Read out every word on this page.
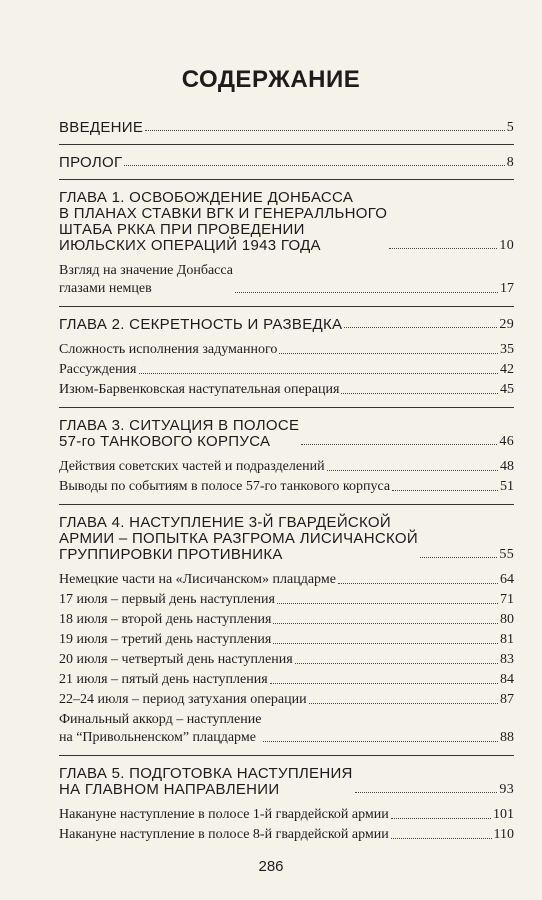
СОДЕРЖАНИЕ
ВВЕДЕНИЕ	5
ПРОЛОГ	8
ГЛАВА 1. ОСВОБОЖДЕНИЕ ДОНБАССА
В ПЛАНАХ СТАВКИ ВГК И ГЕНЕРАЛЛЬНОГО
ШТАБА РККА ПРИ ПРОВЕДЕНИИ
ИЮЛЬСКИХ ОПЕРАЦИЙ 1943 ГОДА	10
Взгляд на значение Донбасса
глазами немцев	17
ГЛАВА 2. СЕКРЕТНОСТЬ И РАЗВЕДКА	29
Сложность исполнения задуманного	35
Рассуждения	42
Изюм-Барвенковская наступательная операция	45
ГЛАВА 3. СИТУАЦИЯ В ПОЛОСЕ
57-го ТАНКОВОГО КОРПУСА	46
Действия советских частей и подразделений	48
Выводы по событиям в полосе 57-го танкового корпуса	51
ГЛАВА 4. НАСТУПЛЕНИЕ 3-Й ГВАРДЕЙСКОЙ
АРМИИ – ПОПЫТКА РАЗГРОМА ЛИСИЧАНСКОЙ
ГРУППИРОВКИ ПРОТИВНИКА	55
Немецкие части на «Лисичанском» плацдарме	64
17 июля – первый день наступления	71
18 июля – второй день наступления	80
19 июля – третий день наступления	81
20 июля – четвертый день наступления	83
21 июля – пятый день наступления	84
22–24 июля – период затухания операции	87
Финальный аккорд – наступление
на “Привольненском” плацдарме	88
ГЛАВА 5. ПОДГОТОВКА НАСТУПЛЕНИЯ
НА ГЛАВНОМ НАПРАВЛЕНИИ	93
Накануне наступление в полосе 1-й гвардейской армии	101
Накануне наступление в полосе 8-й гвардейской армии	110
286
